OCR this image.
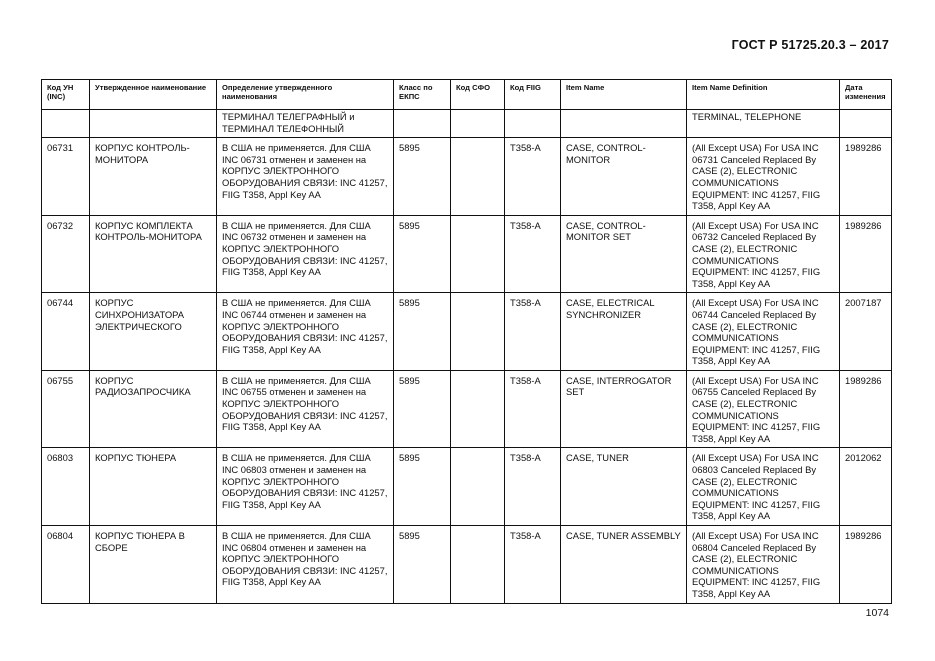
ГОСТ Р 51725.20.3 – 2017
Код УН (INC)	Утвержденное наименование	Определение утвержденного наименования	Класс по ЕКПС	Код СФО	Код FIIG	Item Name	Item Name Definition	Дата изменения
		ТЕРМИНАЛ ТЕЛЕГРАФНЫЙ и ТЕРМИНАЛ ТЕЛЕФОННЫЙ					TERMINAL, TELEPHONE	
06731	КОРПУС КОНТРОЛЬ-МОНИТОРА	В США не применяется. Для США INC 06731 отменен и заменен на КОРПУС ЭЛЕКТРОННОГО ОБОРУДОВАНИЯ СВЯЗИ: INC 41257, FIIG T358, Appl Key AA	5895		T358-A	CASE, CONTROL-MONITOR	(All Except USA) For USA INC 06731 Canceled Replaced By CASE (2), ELECTRONIC COMMUNICATIONS EQUIPMENT: INC 41257, FIIG T358, Appl Key AA	1989286
06732	КОРПУС КОМПЛЕКТА КОНТРОЛЬ-МОНИТОРА	В США не применяется. Для США INC 06732 отменен и заменен на КОРПУС ЭЛЕКТРОННОГО ОБОРУДОВАНИЯ СВЯЗИ: INC 41257, FIIG T358, Appl Key AA	5895		T358-A	CASE, CONTROL-MONITOR SET	(All Except USA) For USA INC 06732 Canceled Replaced By CASE (2), ELECTRONIC COMMUNICATIONS EQUIPMENT: INC 41257, FIIG T358, Appl Key AA	1989286
06744	КОРПУС СИНХРОНИЗАТОРА ЭЛЕКТРИЧЕСКОГО	В США не применяется. Для США INC 06744 отменен и заменен на КОРПУС ЭЛЕКТРОННОГО ОБОРУДОВАНИЯ СВЯЗИ: INC 41257, FIIG T358, Appl Key AA	5895		T358-A	CASE, ELECTRICAL SYNCHRONIZER	(All Except USA) For USA INC 06744 Canceled Replaced By CASE (2), ELECTRONIC COMMUNICATIONS EQUIPMENT: INC 41257, FIIG T358, Appl Key AA	2007187
06755	КОРПУС РАДИОЗАПРОСЧИКА	В США не применяется. Для США INC 06755 отменен и заменен на КОРПУС ЭЛЕКТРОННОГО ОБОРУДОВАНИЯ СВЯЗИ: INC 41257, FIIG T358, Appl Key AA	5895		T358-A	CASE, INTERROGATOR SET	(All Except USA) For USA INC 06755 Canceled Replaced By CASE (2), ELECTRONIC COMMUNICATIONS EQUIPMENT: INC 41257, FIIG T358, Appl Key AA	1989286
06803	КОРПУС ТЮНЕРА	В США не применяется. Для США INC 06803 отменен и заменен на КОРПУС ЭЛЕКТРОННОГО ОБОРУДОВАНИЯ СВЯЗИ: INC 41257, FIIG T358, Appl Key AA	5895		T358-A	CASE, TUNER	(All Except USA) For USA INC 06803 Canceled Replaced By CASE (2), ELECTRONIC COMMUNICATIONS EQUIPMENT: INC 41257, FIIG T358, Appl Key AA	2012062
06804	КОРПУС ТЮНЕРА В СБОРЕ	В США не применяется. Для США INC 06804 отменен и заменен на КОРПУС ЭЛЕКТРОННОГО ОБОРУДОВАНИЯ СВЯЗИ: INC 41257, FIIG T358, Appl Key AA	5895		T358-A	CASE, TUNER ASSEMBLY	(All Except USA) For USA INC 06804 Canceled Replaced By CASE (2), ELECTRONIC COMMUNICATIONS EQUIPMENT: INC 41257, FIIG T358, Appl Key AA	1989286
1074
